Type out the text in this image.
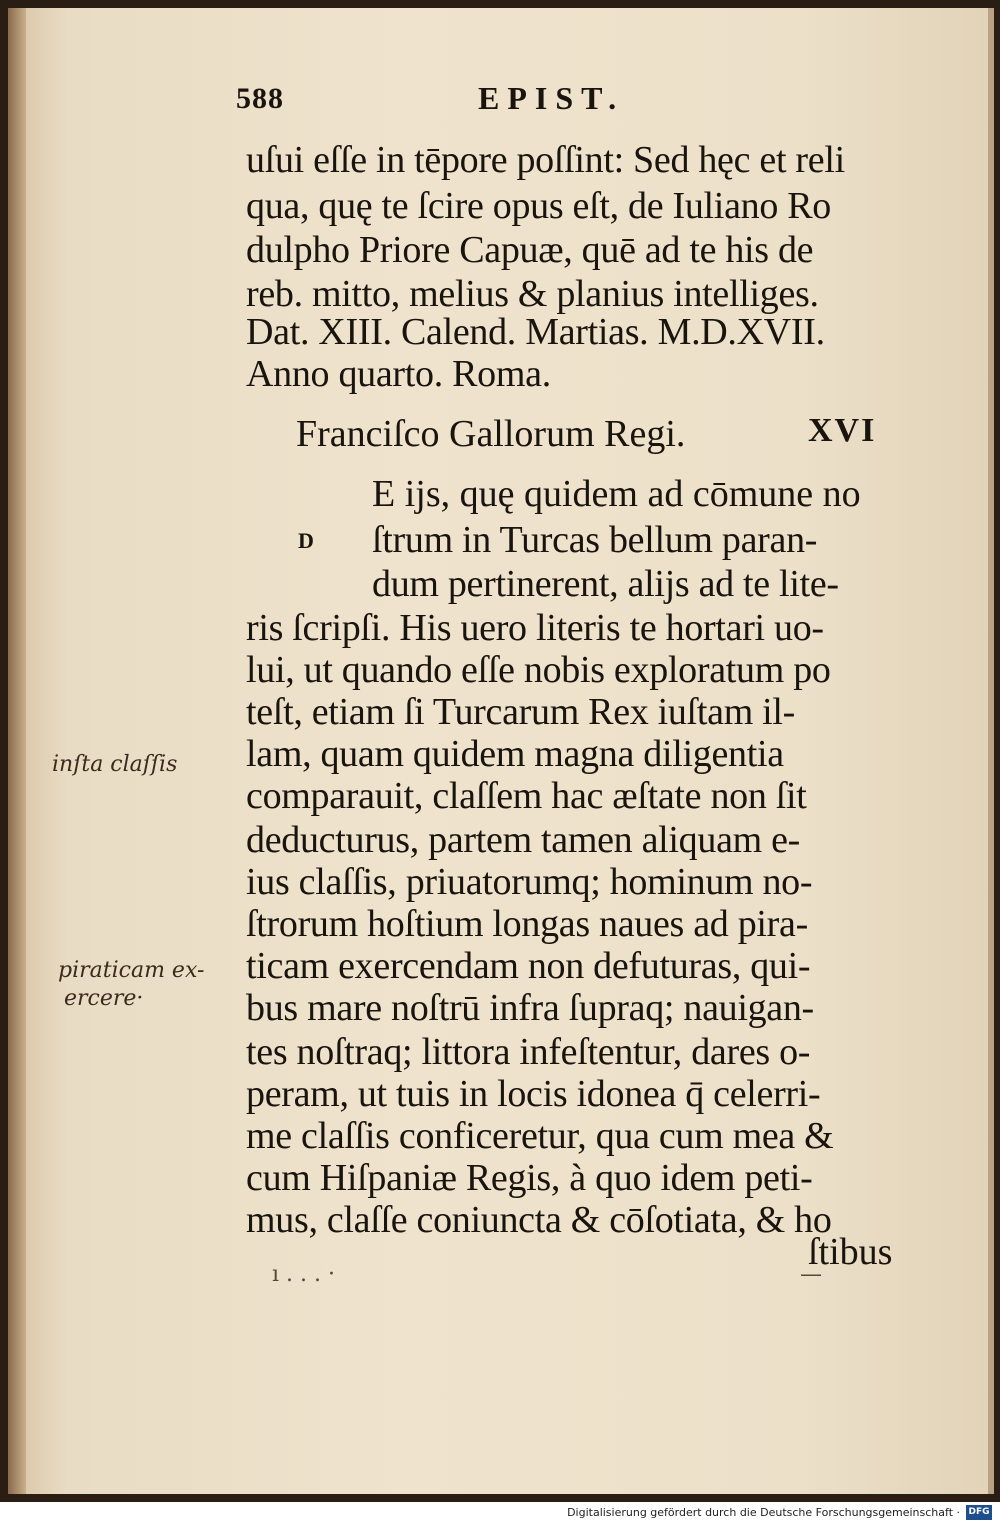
588	EPIST.
uſui eſſe in tēpore poſſint: Sed hęc et reli
qua, quę te ſcire opus eſt, de Iuliano Ro
dulpho Priore Capuæ, quē ad te his de
reb. mitto, melius & planius intelliges.
Dat. XIII. Calend. Martias. M.D.XVII.
Anno quarto. Roma.
Franciſco Gallorum Regi.	XVI
D
E ijs, quę quidem ad cōmune no
ſtrum in Turcas bellum paran-
dum pertinerent, alijs ad te lite-
ris ſcripſi. His uero literis te hortari uo-
lui, ut quando eſſe nobis exploratum po
teſt, etiam ſi Turcarum Rex iuſtam il-
lam, quam quidem magna diligentia
comparauit, claſſem hac æſtate non ſit
deducturus, partem tamen aliquam e-
ius claſſis, priuatorumq; hominum no-
ſtrorum hoſtium longas naues ad pira-
ticam exercendam non defuturas, qui-
bus mare noſtrū infra ſupraq; nauigan-
tes noſtraq; littora infeſtentur, dares o-
peram, ut tuis in locis idonea q̄ celerri-
me claſſis conficeretur, qua cum mea &
cum Hiſpaniæ Regis, à quo idem peti-
mus, claſſe coniuncta & cōſotiata, & ho
ſtibus
inſta claſſis
piraticam ex-
ercere·
ı . . . ·	—
Digitalisierung gefördert durch die Deutsche Forschungsgemeinschaft · DFG
